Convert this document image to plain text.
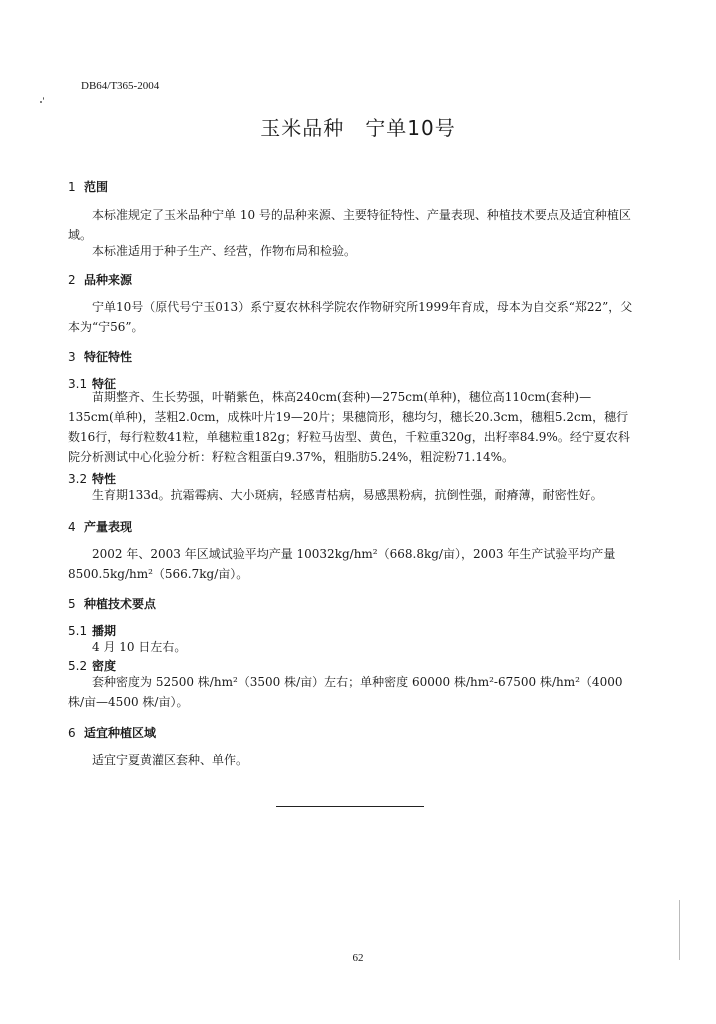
DB64/T365-2004
玉米品种　宁单10号
1 范围
本标准规定了玉米品种宁单 10 号的品种来源、主要特征特性、产量表现、种植技术要点及适宜种植区域。
本标准适用于种子生产、经营，作物布局和检验。
2 品种来源
宁单10号（原代号宁玉013）系宁夏农林科学院农作物研究所1999年育成，母本为自交系“郑22”，父本为“宁56”。
3 特征特性
3.1 特征
苗期整齐、生长势强，叶鞘紫色，株高240cm(套种)—275cm(单种)，穗位高110cm(套种)—135cm(单种)，茎粗2.0cm，成株叶片19—20片；果穗筒形，穗均匀，穗长20.3cm，穗粗5.2cm，穗行数16行，每行粒数41粒，单穗粒重182g；籽粒马齿型、黄色，千粒重320g，出籽率84.9%。经宁夏农科院分析测试中心化验分析：籽粒含粗蛋白9.37%，粗脂肪5.24%，粗淀粉71.14%。
3.2 特性
生育期133d。抗霜霉病、大小斑病，轻感青枯病，易感黑粉病，抗倒性强，耐瘠薄，耐密性好。
4 产量表现
2002 年、2003 年区域试验平均产量 10032kg/hm²（668.8kg/亩），2003 年生产试验平均产量 8500.5kg/hm²（566.7kg/亩）。
5 种植技术要点
5.1 播期
4 月 10 日左右。
5.2 密度
套种密度为 52500 株/hm²（3500 株/亩）左右；单种密度 60000 株/hm²-67500 株/hm²（4000 株/亩—4500 株/亩）。
6 适宜种植区域
适宜宁夏黄灌区套种、单作。
62
